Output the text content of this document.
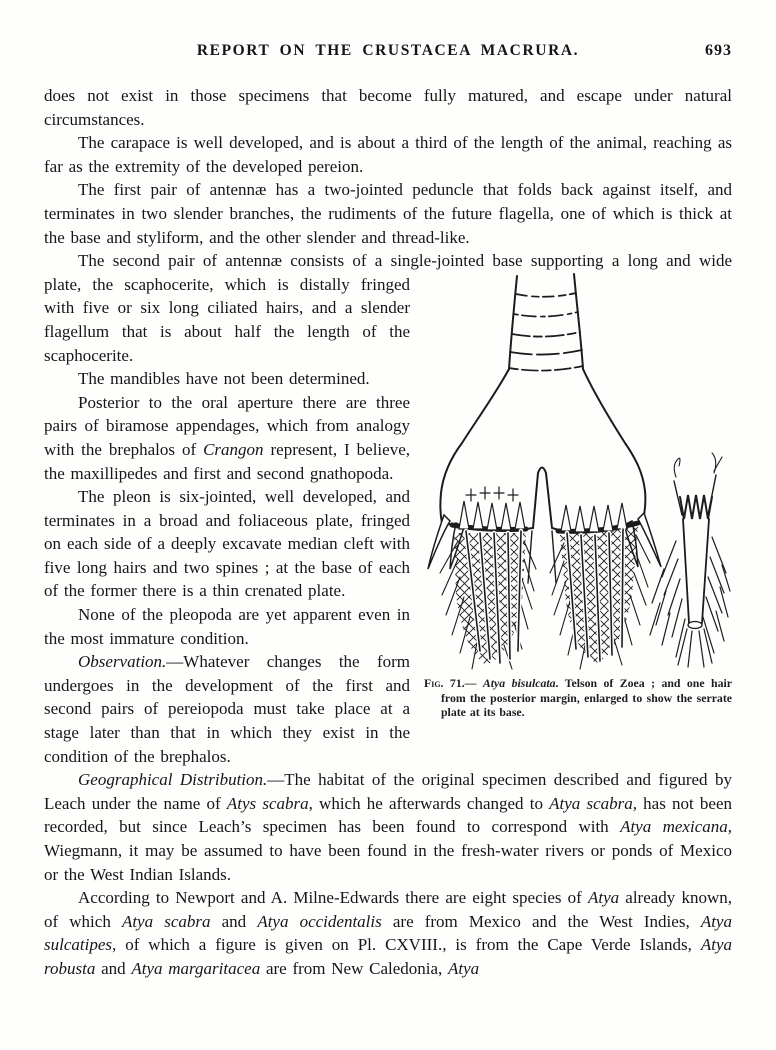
REPORT ON THE CRUSTACEA MACRURA.	693
does not exist in those specimens that become fully matured, and escape under natural circumstances.
The carapace is well developed, and is about a third of the length of the animal, reaching as far as the extremity of the developed pereion.
The first pair of antennæ has a two-jointed peduncle that folds back against itself, and terminates in two slender branches, the rudiments of the future flagella, one of which is thick at the base and styliform, and the other slender and thread-like.
Fig. 71.— Atya bisulcata. Telson of Zoea ; and one hair from the posterior margin, enlarged to show the serrate plate at its base.
The second pair of antennæ consists of a single-jointed base supporting a long and wide plate, the scaphocerite, which is distally fringed with five or six long ciliated hairs, and a slender flagellum that is about half the length of the scaphocerite.
The mandibles have not been determined.
Posterior to the oral aperture there are three pairs of biramose appendages, which from analogy with the brephalos of Crangon represent, I believe, the maxillipedes and first and second gnathopoda.
The pleon is six-jointed, well developed, and terminates in a broad and foliaceous plate, fringed on each side of a deeply excavate median cleft with five long hairs and two spines ; at the base of each of the former there is a thin crenated plate.
None of the pleopoda are yet apparent even in the most immature condition.
Observation.—Whatever changes the form undergoes in the development of the first and second pairs of pereiopoda must take place at a stage later than that in which they exist in the condition of the brephalos.
Geographical Distribution.—The habitat of the original specimen described and figured by Leach under the name of Atys scabra, which he afterwards changed to Atya scabra, has not been recorded, but since Leach’s specimen has been found to correspond with Atya mexicana, Wiegmann, it may be assumed to have been found in the fresh-water rivers or ponds of Mexico or the West Indian Islands.
According to Newport and A. Milne-Edwards there are eight species of Atya already known, of which Atya scabra and Atya occidentalis are from Mexico and the West Indies, Atya sulcatipes, of which a figure is given on Pl. CXVIII., is from the Cape Verde Islands, Atya robusta and Atya margaritacea are from New Caledonia, Atya
